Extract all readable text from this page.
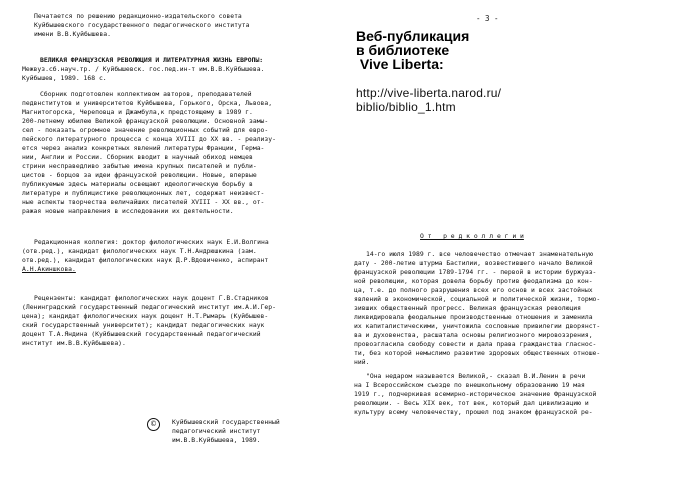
Печатается по решению редакционно-издательского совета
Куйбышевского государственного педагогического института
имени В.В.Куйбышева.
ВЕЛИКАЯ ФРАНЦУЗСКАЯ РЕВОЛЮЦИЯ И ЛИТЕРАТУРНАЯ ЖИЗНЬ ЕВРОПЫ:
Межвуз.сб.науч.тр. / Куйбышевск. гос.пед.ин-т им.В.В.Куйбышева.
Куйбышев, 1989. 168 с.
Сборник подготовлен коллективом авторов, преподавателей
педвнститутов и университетов Куйбышева, Горького, Орска, Львова,
Магнитогорска, Череповца и Джамбула,к предстоящему в 1989 г.
200-летнему юбилею Великой французской революции. Основной замы-
сел - показать огромное значение революционных событий для евро-
пейского литературного процесса с конца XVIII до XX вв. - реализу-
ется через анализ конкретных явлений литературы Франции, Герма-
нии, Англии и России. Сборник вводит в научный обиход немцев
стрини несправедливо забытые имена крупных писателей и публи-
цистов - борцов за идеи французской революции. Новые, впервые
публикуемые здесь материалы освещают идеологическую борьбу в
литературе и публицистике революционных лет, содержат неизвест-
ные аспекты творчества величайших писателей XVIII - XX вв., от-
ражая новые направления в исследовании их деятельности.
Редакционная коллегия: доктор филологических наук Е.И.Волгина
(отв.ред.), кандидат филологических наук Т.Н.Андрюшкина (зам.
отв.ред.), кандидат филологических наук Д.Р.Вдовиченко, аспирант
А.Н.Акиншкова.
Рецензенты: кандидат филологических наук доцент Г.В.Стадников
(Ленинградский государственный педагогический институт им.А.И.Гер-
цена); кандидат филологических наук доцент Н.Т.Рымарь (Куйбышев-
ский государственный университет); кандидат педагогических наук
доцент Т.А.Яндина (Куйбышевский государственный педагогический
институт им.В.В.Куйбышева).
©	Куйбышевский государственный
педагогический институт
им.В.В.Куйбышева, 1989.
- 3 -
Веб-публикация
в библиотеке
Vive Liberta:
http://vive-liberta.narod.ru/
biblio/biblio_1.htm
О т   р е д к о л л е г и и
14-го июля 1989 г. все человечество отмечает знаменательную
дату - 200-летие штурма Бастилии, возвестившего начало Великой
французской революции 1789-1794 гг. - первой в истории буржуаз-
ной революции, которая довела борьбу против феодализма до кон-
ца, т.е. до полного разрушения всех его основ и всех застойных
явлений в экономической, социальной и политической жизни, тормо-
зивших общественный прогресс. Великая французская революция
ликвидировала феодальные производственные отношения и заменила
их капиталистическими, уничтожила сословные привилегии дворянст-
ва и духовенства, расшатала основы религиозного мировоззрения,
провозгласила свободу совести и дала права гражданства гласнос-
ти, без которой немыслимо развитие здоровых общественных отноше-
ний.
"Она недаром называется Великой,- сказал В.И.Ленин в речи
на I Всероссийском съезде по внешкольному образованию 19 мая
1919 г., подчеркивая всемирно-историческое значение Французской
революции. - Весь XIX век, тот век, который дал цивилизацию и
культуру всему человечеству, прошел под знаком французской ре-
